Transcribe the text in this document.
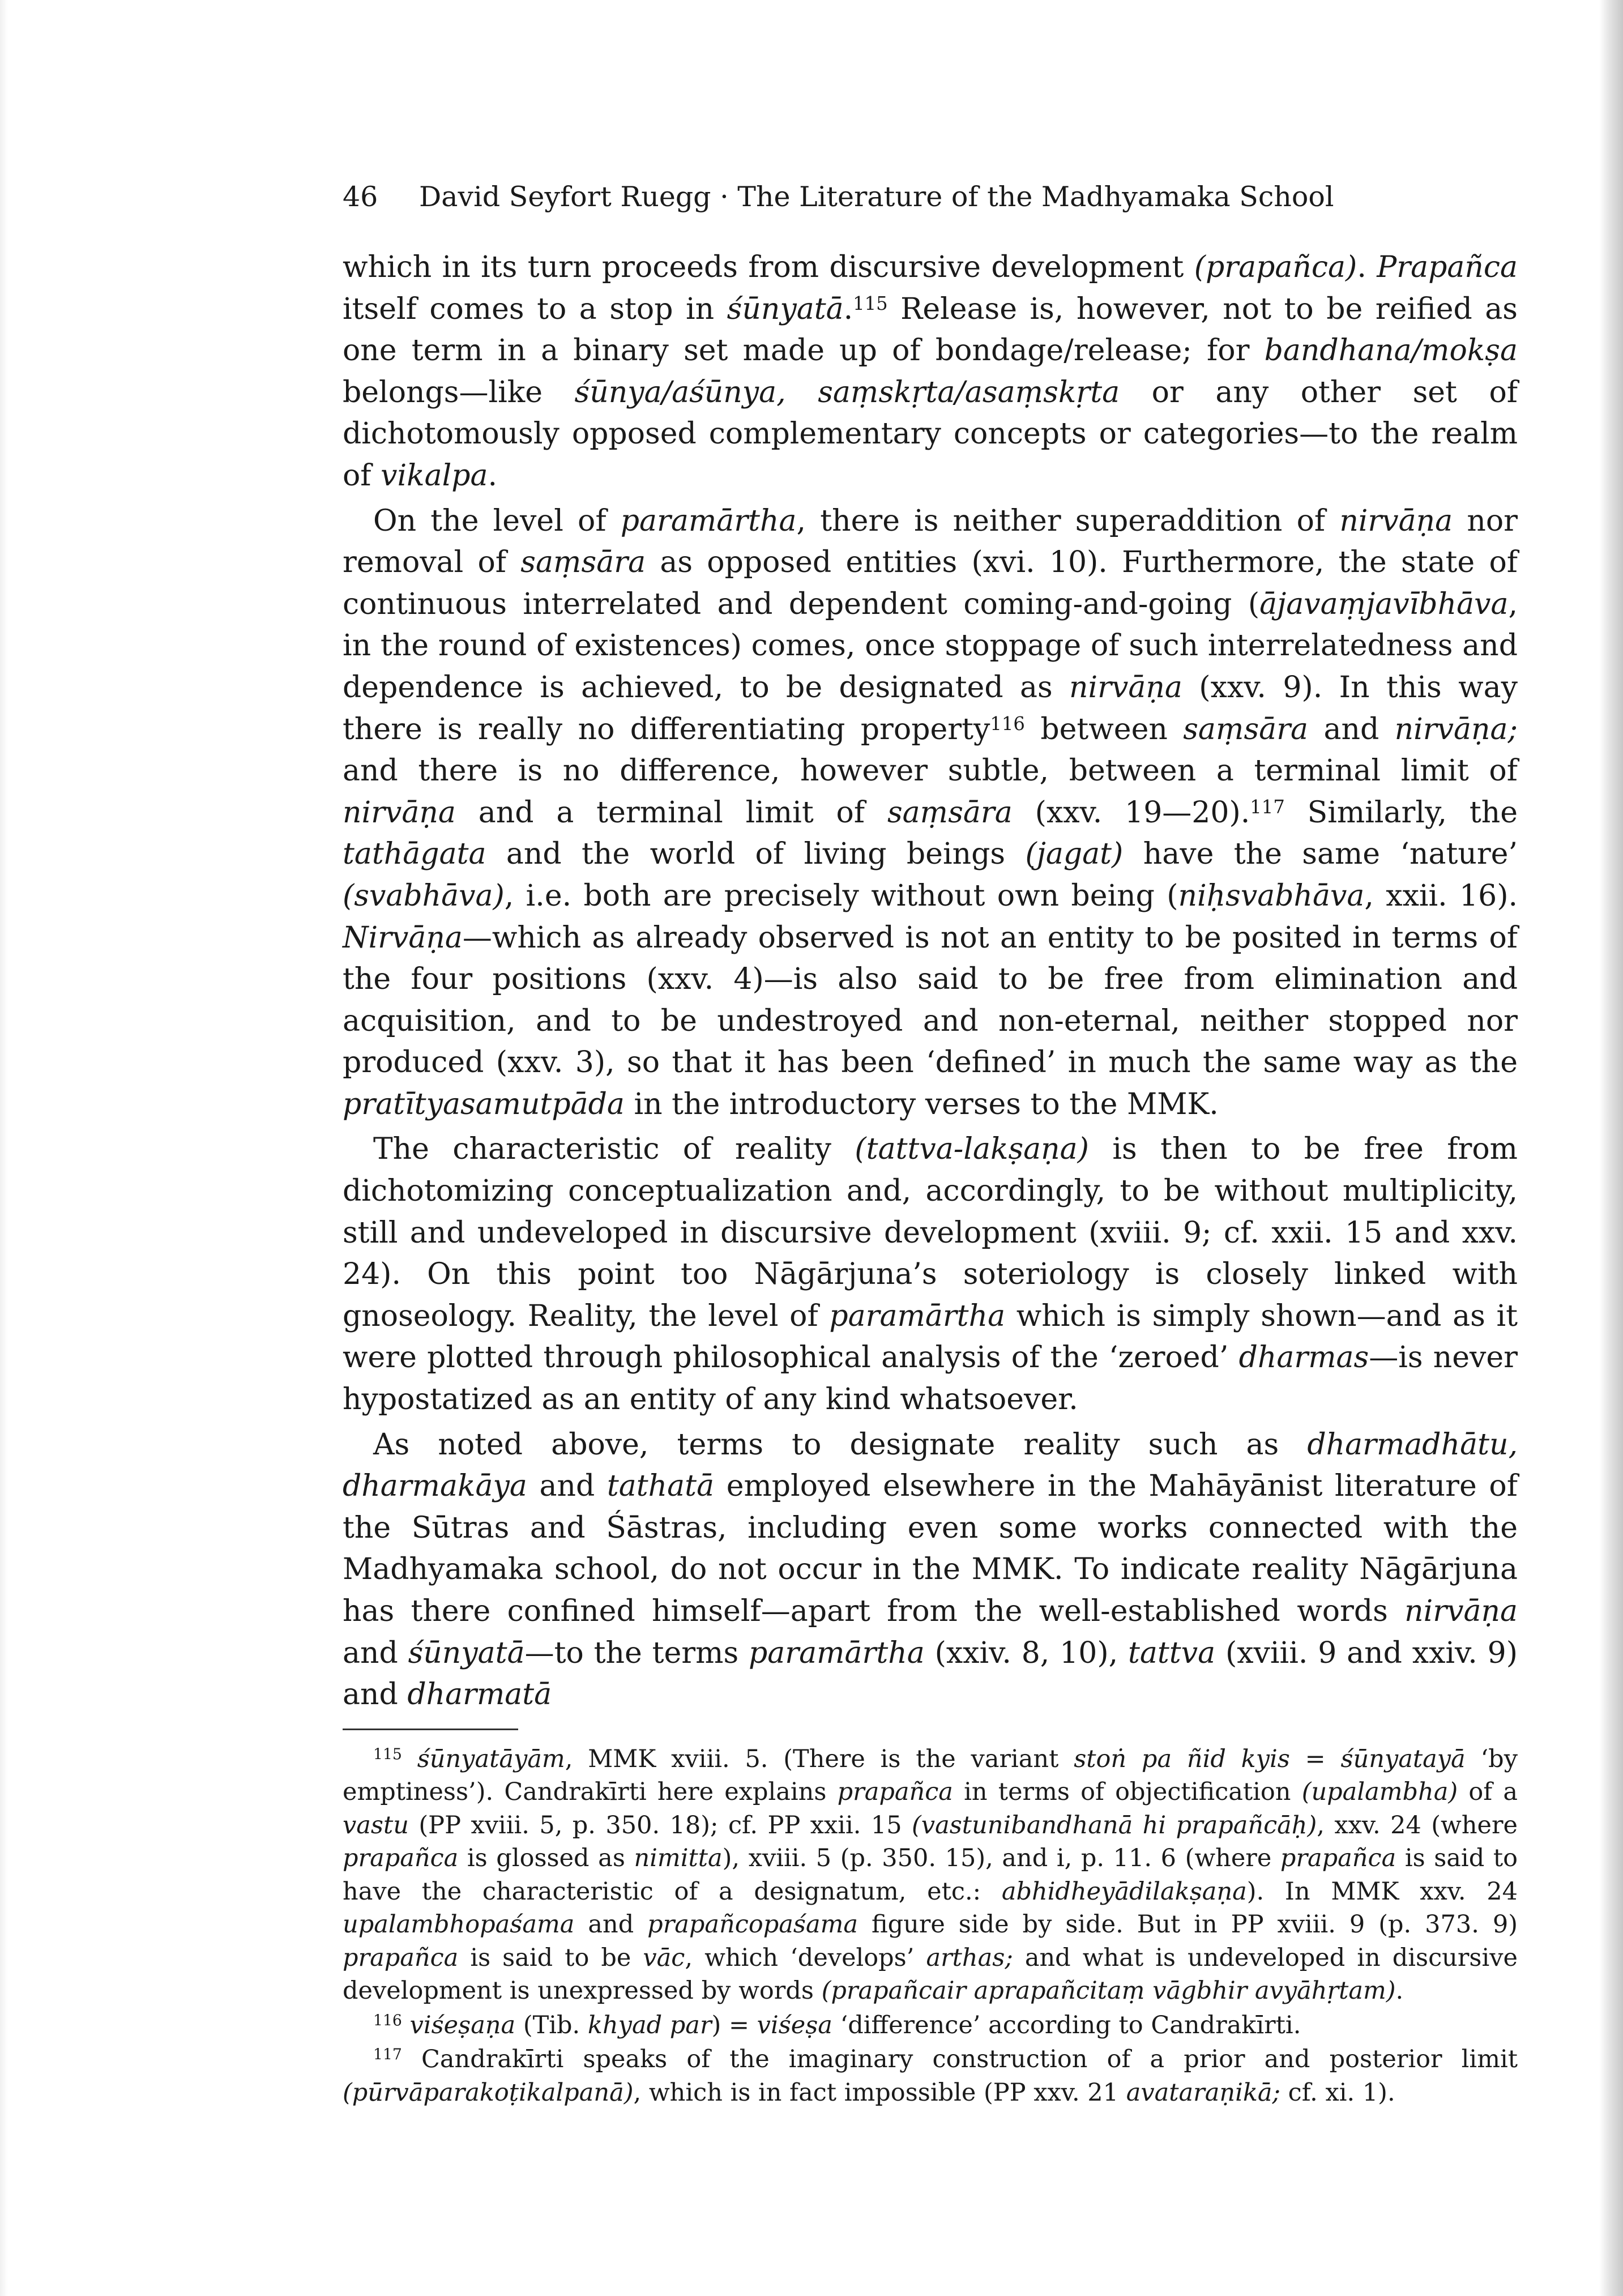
46 David Seyfort Ruegg · The Literature of the Madhyamaka School

which in its turn proceeds from discursive development (prapañca). Prapañca itself comes to a stop in śūnyatā.$^{115}$ Release is, however, not to be reified as one term in a binary set made up of bondage/release; for bandhana/mokṣa belongs—like śūnya/aśūnya, saṃskṛta/asaṃskṛta or any other set of dichotomously opposed complementary concepts or categories—to the realm of vikalpa.

On the level of paramārtha, there is neither superaddition of nirvāṇa nor removal of saṃsāra as opposed entities (xvi. 10). Furthermore, the state of continuous interrelated and dependent coming-and-going (ājavaṃjavībhāva, in the round of existences) comes, once stoppage of such interrelatedness and dependence is achieved, to be designated as nirvāṇa (xxv. 9). In this way there is really no differentiating property$^{116}$ between saṃsāra and nirvāṇa; and there is no difference, however subtle, between a terminal limit of nirvāṇa and a terminal limit of saṃsāra (xxv. 19—20).$^{117}$ Similarly, the tathāgata and the world of living beings (jagat) have the same ‘nature’ (svabhāva), i.e. both are precisely without own being (niḥsvabhāva, xxii. 16). Nirvāṇa—which as already observed is not an entity to be posited in terms of the four positions (xxv. 4)—is also said to be free from elimination and acquisition, and to be undestroyed and non-eternal, neither stopped nor produced (xxv. 3), so that it has been ‘defined’ in much the same way as the pratītyasamutpāda in the introductory verses to the MMK.

The characteristic of reality (tattva-lakṣaṇa) is then to be free from dichotomizing conceptualization and, accordingly, to be without multiplicity, still and undeveloped in discursive development (xviii. 9; cf. xxii. 15 and xxv. 24). On this point too Nāgārjuna’s soteriology is closely linked with gnoseology. Reality, the level of paramārtha which is simply shown—and as it were plotted through philosophical analysis of the ‘zeroed’ dharmas—is never hypostatized as an entity of any kind whatsoever.

As noted above, terms to designate reality such as dharmadhātu, dharmakāya and tathatā employed elsewhere in the Mahāyānist literature of the Sūtras and Śāstras, including even some works connected with the Madhyamaka school, do not occur in the MMK. To indicate reality Nāgārjuna has there confined himself—apart from the well-established words nirvāṇa and śūnyatā—to the terms paramārtha (xxiv. 8, 10), tattva (xviii. 9 and xxiv. 9) and dharmatā

$^{115}$ śūnyatāyām, MMK xviii. 5. (There is the variant stoṅ pa ñid kyis = śūnyatayā ‘by emptiness’). Candrakīrti here explains prapañca in terms of objectification (upalambha) of a vastu (PP xviii. 5, p. 350. 18); cf. PP xxii. 15 (vastunibandhanā hi prapañcāḥ), xxv. 24 (where prapañca is glossed as nimitta), xviii. 5 (p. 350. 15), and i, p. 11. 6 (where prapañca is said to have the characteristic of a designatum, etc.: abhidheyādilakṣaṇa). In MMK xxv. 24 upalambhopaśama and prapañcopaśama figure side by side. But in PP xviii. 9 (p. 373. 9) prapañca is said to be vāc, which ‘develops’ arthas; and what is undeveloped in discursive development is unexpressed by words (prapañcair aprapañcitaṃ vāgbhir avyāhṛtam).

$^{116}$ viśeṣaṇa (Tib. khyad par) = viśeṣa ‘difference’ according to Candrakīrti.

$^{117}$ Candrakīrti speaks of the imaginary construction of a prior and posterior limit (pūrvāparakoṭikalpanā), which is in fact impossible (PP xxv. 21 avataraṇikā; cf. xi. 1).
